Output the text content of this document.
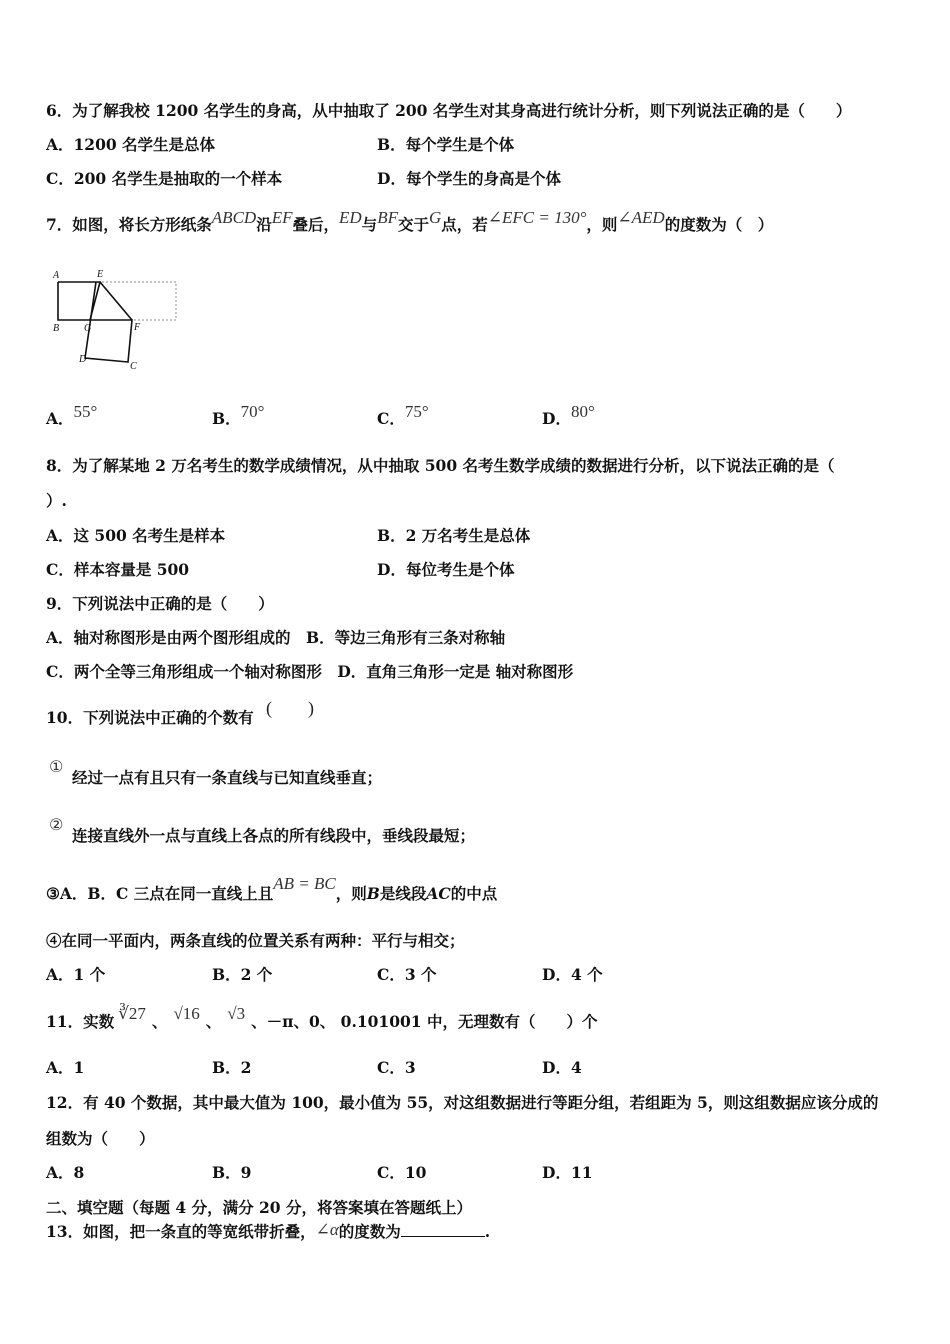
6．为了解我校 1200 名学生的身高，从中抽取了 200 名学生对其身高进行统计分析，则下列说法正确的是（　　）
A．1200 名学生是总体	B．每个学生是个体
C．200 名学生是抽取的一个样本	D．每个学生的身高是个体
7．如图，将长方形纸条ABCD沿EF叠后，ED与BF交于G点，若∠EFC = 130°，则∠AED的度数为（　）
A	E
B G	F
D
C
A．55°	B．70°	C．75°	D．80°
8．为了解某地 2 万名考生的数学成绩情况，从中抽取 500 名考生数学成绩的数据进行分析，以下说法正确的是（
）.
A．这 500 名考生是样本	B．2 万名考生是总体
C．样本容量是 500	D．每位考生是个体
9．下列说法中正确的是（　　）
A．轴对称图形是由两个图形组成的　B．等边三角形有三条对称轴
C．两个全等三角形组成一个轴对称图形　D．直角三角形一定是 轴对称图形
10．下列说法中正确的个数有 (　　)
①
经过一点有且只有一条直线与已知直线垂直；
②
连接直线外一点与直线上各点的所有线段中，垂线段最短；
③A．B．C 三点在同一直线上且AB = BC，则B是线段AC的中点
④在同一平面内，两条直线的位置关系有两种：平行与相交；
A．1 个	B．2 个	C．3 个	D．4 个
11．实数 ∛27 、 √16 、 √3 、－π、0、 0.101001 中，无理数有（　　）个
A．1	B．2	C．3	D．4
12．有 40 个数据，其中最大值为 100，最小值为 55，对这组数据进行等距分组，若组距为 5，则这组数据应该分成的
组数为（　　）
A．8	B．9	C．10	D．11
二、填空题（每题 4 分，满分 20 分，将答案填在答题纸上）
13．如图，把一条直的等宽纸带折叠，∠α的度数为	.
